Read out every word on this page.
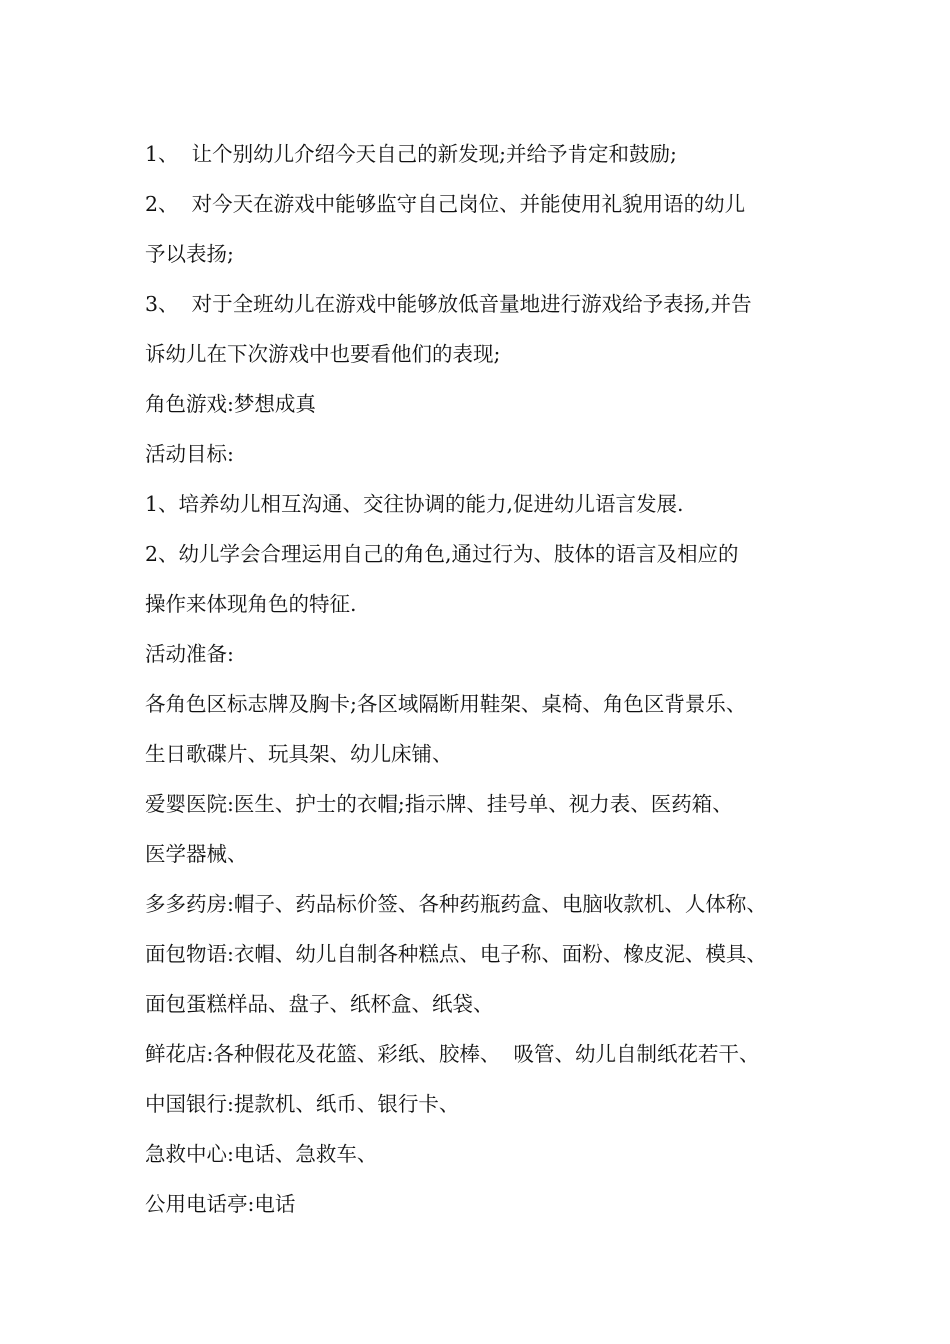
1、  让个别幼儿介绍今天自己的新发现;并给予肯定和鼓励;
2、  对今天在游戏中能够监守自己岗位、并能使用礼貌用语的幼儿
予以表扬;
3、  对于全班幼儿在游戏中能够放低音量地进行游戏给予表扬,并告
诉幼儿在下次游戏中也要看他们的表现;
角色游戏:梦想成真
活动目标:
1、培养幼儿相互沟通、交往协调的能力,促进幼儿语言发展.
2、幼儿学会合理运用自己的角色,通过行为、肢体的语言及相应的
操作来体现角色的特征.
活动准备:
各角色区标志牌及胸卡;各区域隔断用鞋架、桌椅、角色区背景乐、
生日歌碟片、玩具架、幼儿床铺、
爱婴医院:医生、护士的衣帽;指示牌、挂号单、视力表、医药箱、
医学器械、
多多药房:帽子、药品标价签、各种药瓶药盒、电脑收款机、人体称、
面包物语:衣帽、幼儿自制各种糕点、电子称、面粉、橡皮泥、模具、
面包蛋糕样品、盘子、纸杯盒、纸袋、
鲜花店:各种假花及花篮、彩纸、胶棒、  吸管、幼儿自制纸花若干、
中国银行:提款机、纸币、银行卡、
急救中心:电话、急救车、
公用电话亭:电话
